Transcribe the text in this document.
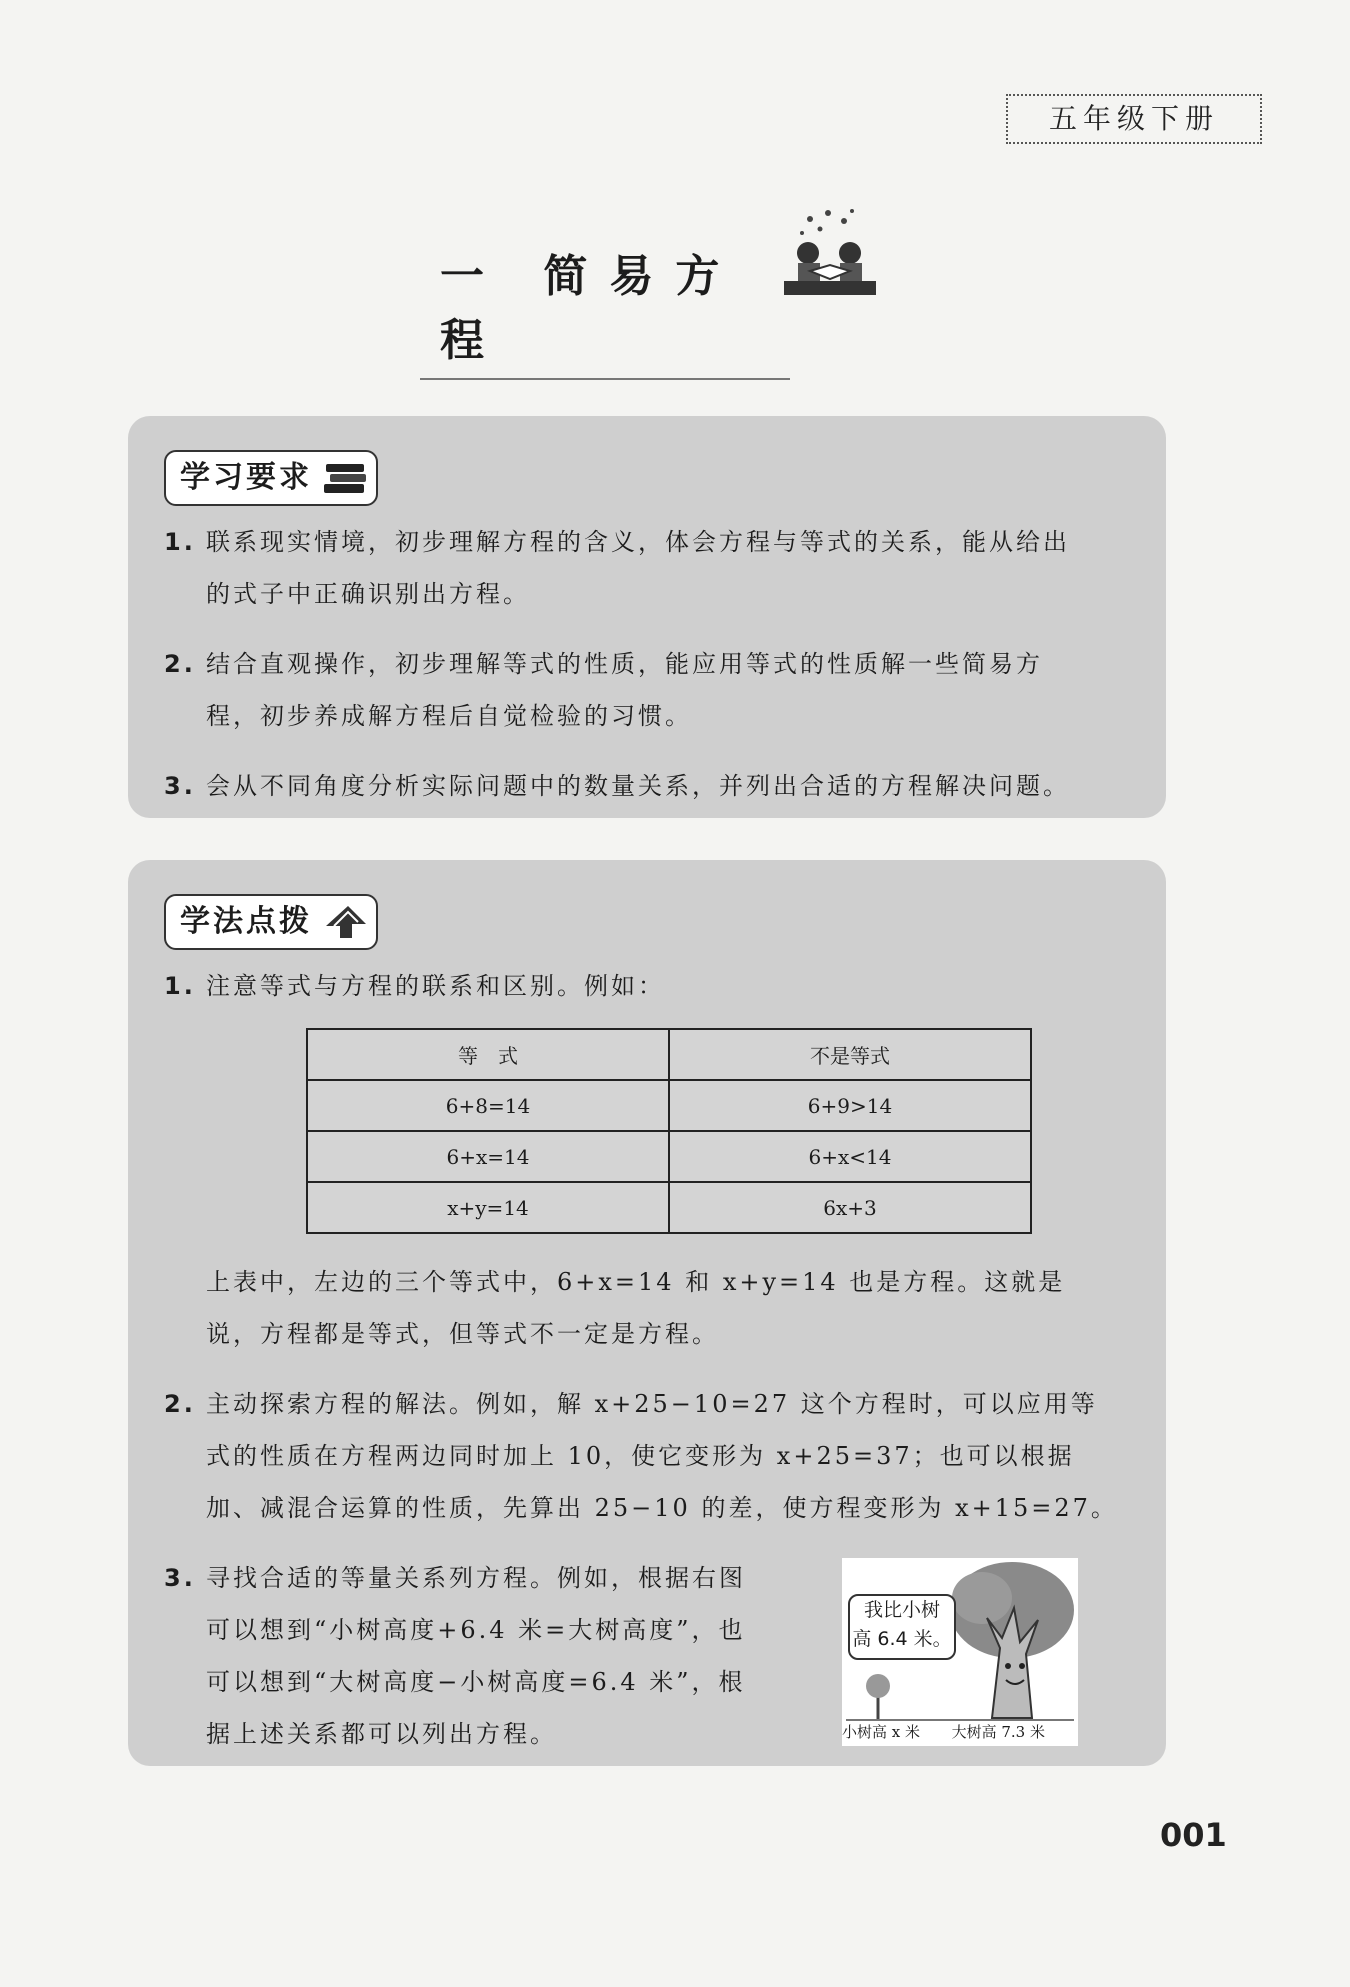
五年级下册
一 简易方程
学习要求
1. 联系现实情境，初步理解方程的含义，体会方程与等式的关系，能从给出
的式子中正确识别出方程。
2. 结合直观操作，初步理解等式的性质，能应用等式的性质解一些简易方
程，初步养成解方程后自觉检验的习惯。
3. 会从不同角度分析实际问题中的数量关系，并列出合适的方程解决问题。
学法点拨
1. 注意等式与方程的联系和区别。例如：
等　式	不是等式
6+8=14	6+9>14
6+x=14	6+x<14
x+y=14	6x+3
上表中，左边的三个等式中，6+x=14 和 x+y=14 也是方程。这就是
说，方程都是等式，但等式不一定是方程。
2. 主动探索方程的解法。例如，解 x+25−10=27 这个方程时，可以应用等
式的性质在方程两边同时加上 10，使它变形为 x+25=37；也可以根据
加、减混合运算的性质，先算出 25−10 的差，使方程变形为 x+15=27。
3. 寻找合适的等量关系列方程。例如，根据右图
可以想到“小树高度+6.4 米=大树高度”，也
可以想到“大树高度−小树高度=6.4 米”，根
据上述关系都可以列出方程。
我比小树
高 6.4 米。
小树高 x 米 大树高 7.3 米
001
